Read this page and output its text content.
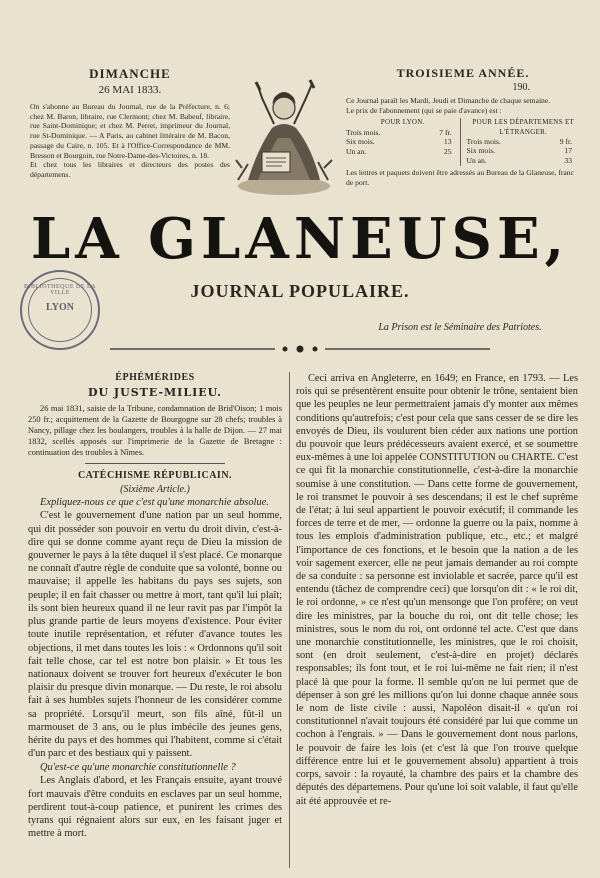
DIMANCHE
26 MAI 1833.

On s'abonne au Bureau du Journal, rue de la Préfecture, n. 6; chez M. Baron, libraire, rue Clermont; chez M. Babeuf, libraire, rue Saint-Dominique; et chez M. Perret, imprimeur du Journal, rue St-Dominique. — A Paris, au cabinet littéraire de M. Bacon, passage du Caire, n. 105. Et à l'Office-Correspondance de MM. Bresson et Bourgoin, rue Notre-Dame-des-Victoires, n. 18.

Et chez tous les libraires et directeurs des postes des départemens.

TROISIEME ANNÉE.
190.

Ce Journal paraît les Mardi, Jeudi et Dimanche de chaque semaine.

Le prix de l'abonnement (qui se paie d'avance) est :

POUR LYON.
Trois mois.	7 fr.
Six mois.	13
Un an.	25
POUR LES DÉPARTEMENS ET L'ÉTRANGER.
Trois mois.	9 fr.
Six mois.	17
Un an.	33
Les lettres et paquets doivent être adressés au Bureau de la Glaneuse, franc de port.
LA GLANEUSE,
JOURNAL POPULAIRE.
BIBLIOTHEQUE DE LA VILLE
LYON
La Prison est le Séminaire des Patriotes.
ÉPHÉMÉRIDES
DU JUSTE-MILIEU.

26 mai 1831, saisie de la Tribune, condamnation de Brid'Oison; 1 mois 250 fr.; acquittement de la Gazette de Bourgogne sur 28 chefs; troubles à Nancy, pillage chez les boulangers, troubles à la halle de Dijon. — 27 mai 1832, scellés apposés sur l'imprimerie de la Gazette de Bretagne : continuation des troubles à Nîmes.

CATÉCHISME RÉPUBLICAIN.
(Sixième Article.)

Expliquez-nous ce que c'est qu'une monarchie absolue.

C'est le gouvernement d'une nation par un seul homme, qui dit posséder son pouvoir en vertu du droit divin, c'est-à-dire qui se donne comme ayant reçu de Dieu la mission de gouverner le pays à la tête duquel il s'est placé. Ce monarque ne connaît d'autre règle de conduite que sa volonté, bonne ou mauvaise; il appelle les habitans du pays ses sujets, son peuple; il en fait chasser ou mettre à mort, tant qu'il lui plaît; ils sont bien heureux quand il ne leur ravit pas par l'impôt la plus grande partie de leurs moyens d'existence. Pour éviter toute inutile représentation, et réfuter d'avance toutes les objections, il met dans toutes les lois : « Ordonnons qu'il soit fait telle chose, car tel est notre bon plaisir. » Et tous les nationaux doivent se trouver fort heureux d'exécuter le bon plaisir du presque divin monarque. — Du reste, le roi absolu fait à ses humbles sujets l'honneur de les considérer comme sa propriété. Lorsqu'il meurt, son fils aîné, fût-il un marmouset de 3 ans, ou le plus imbécile des jeunes gens, hérite du pays et des hommes qui l'habitent, comme si c'était d'un parc et des bestiaux qui y paissent.

Qu'est-ce qu'une monarchie constitutionnelle ?

Les Anglais d'abord, et les Français ensuite, ayant trouvé fort mauvais d'être conduits en esclaves par un seul homme, perdirent tout-à-coup patience, et punirent les crimes des tyrans qui régnaient alors sur eux, en les faisant juger et mettre à mort.

Ceci arriva en Angleterre, en 1649; en France, en 1793. — Les rois qui se présentèrent ensuite pour obtenir le trône, sentaient bien que les peuples ne leur permettraient jamais d'y monter aux mêmes conditions qu'autrefois; c'est pour cela que sans cesser de se dire les envoyés de Dieu, ils voulurent bien céder aux nations une portion du pouvoir que leurs prédécesseurs avaient exercé, et se soumettre eux-mêmes à une loi appelée CONSTITUTION ou CHARTE. C'est ce qui fit la monarchie constitutionnelle, c'est-à-dire la monarchie soumise à une constitution. — Dans cette forme de gouvernement, le roi transmet le pouvoir à ses descendans; il est le chef suprême de l'état; à lui seul appartient le pouvoir exécutif; il commande les forces de terre et de mer, — ordonne la guerre ou la paix, nomme à tous les emplois d'administration publique, etc., etc.; et malgré l'importance de ces fonctions, et le besoin que la nation a de les voir sagement exercer, elle ne peut jamais demander au roi compte de sa conduite : sa personne est inviolable et sacrée, parce qu'il est entendu (tâchez de comprendre ceci) que lorsqu'on dit : « le roi dit, le roi ordonne, » ce n'est qu'un mensonge que l'on profère; on veut dire les ministres, par la bouche du roi, ont dit telle chose; les ministres, sous le nom du roi, ont ordonné tel acte. C'est que dans une monarchie constitutionnelle, les ministres, que le roi choisit, sont (en droit seulement, c'est-à-dire en projet) déclarés responsables; ils font tout, et le roi lui-même ne fait rien; il n'est placé là que pour la forme. Il semble qu'on ne lui permet que de dépenser à son gré les millions qu'on lui donne chaque année sous le nom de liste civile : aussi, Napoléon disait-il « qu'un roi constitutionnel n'avait toujours été considéré par lui que comme un cochon à l'engrais. » — Dans le gouvernement dont nous parlons, le pouvoir de faire les lois (et c'est là que l'on trouve quelque différence entre lui et le gouvernement absolu) appartient à trois corps, savoir : la royauté, la chambre des pairs et la chambre des députés des départemens. Pour qu'une loi soit valable, il faut qu'elle ait été approuvée et re-
